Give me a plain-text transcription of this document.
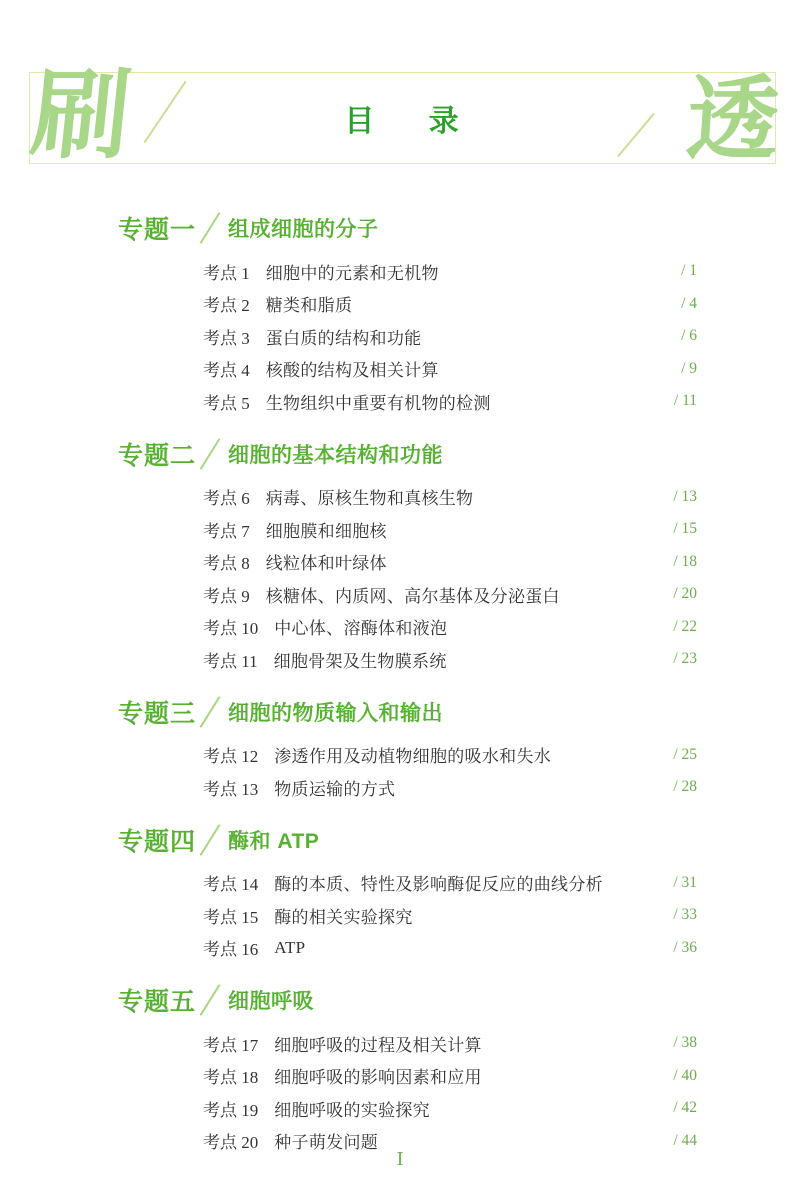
刷	目 录	透
专题一 组成细胞的分子
考点 1 细胞中的元素和无机物	/ 1
考点 2 糖类和脂质	/ 4
考点 3 蛋白质的结构和功能	/ 6
考点 4 核酸的结构及相关计算	/ 9
考点 5 生物组织中重要有机物的检测	/ 11
专题二 细胞的基本结构和功能
考点 6 病毒、原核生物和真核生物	/ 13
考点 7 细胞膜和细胞核	/ 15
考点 8 线粒体和叶绿体	/ 18
考点 9 核糖体、内质网、高尔基体及分泌蛋白	/ 20
考点 10 中心体、溶酶体和液泡	/ 22
考点 11 细胞骨架及生物膜系统	/ 23
专题三 细胞的物质输入和输出
考点 12 渗透作用及动植物细胞的吸水和失水	/ 25
考点 13 物质运输的方式	/ 28
专题四 酶和 ATP
考点 14 酶的本质、特性及影响酶促反应的曲线分析	/ 31
考点 15 酶的相关实验探究	/ 33
考点 16 ATP	/ 36
专题五 细胞呼吸
考点 17 细胞呼吸的过程及相关计算	/ 38
考点 18 细胞呼吸的影响因素和应用	/ 40
考点 19 细胞呼吸的实验探究	/ 42
考点 20 种子萌发问题	/ 44
Ⅰ
